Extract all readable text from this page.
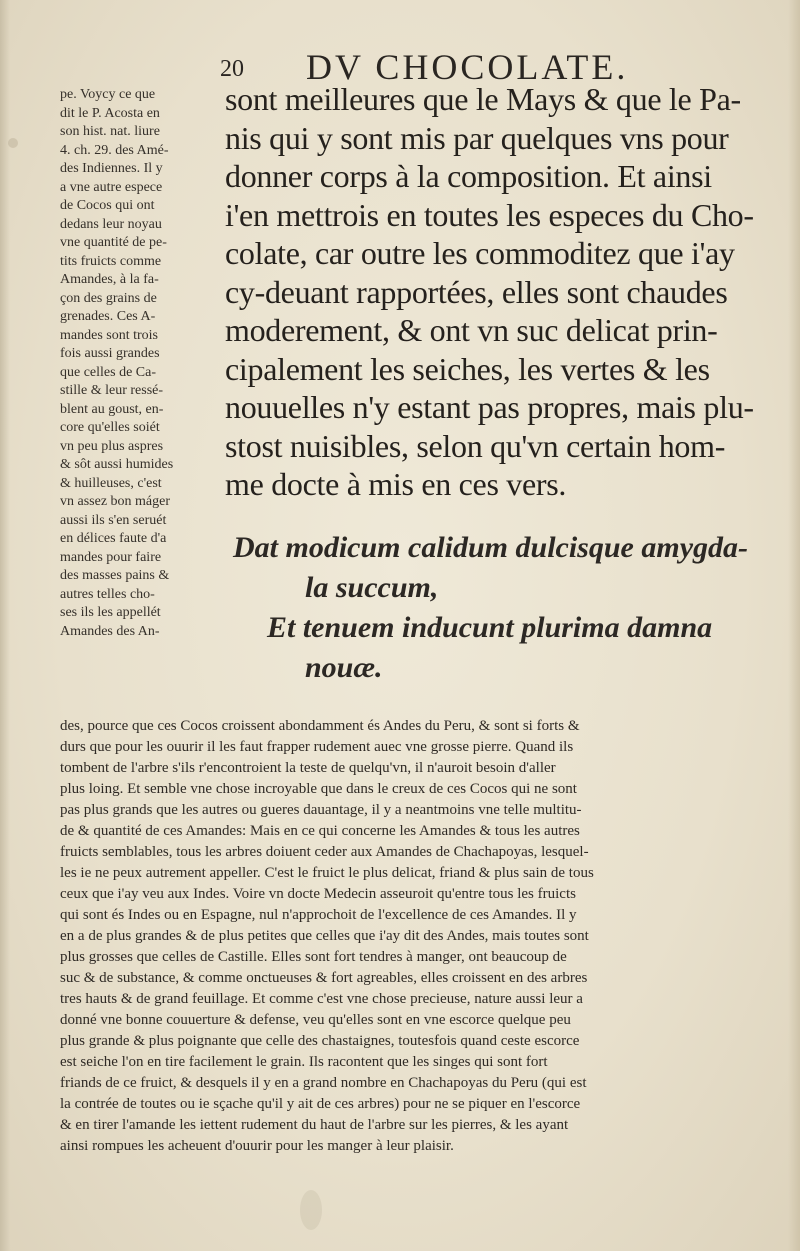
20 DV CHOCOLATE.
pe. Voycy ce que
dit le P. Acosta en
son hist. nat. liure
4. ch. 29. des Amé-
des Indiennes. Il y
a vne autre espece
de Cocos qui ont
dedans leur noyau
vne quantité de pe-
tits fruicts comme
Amandes, à la fa-
çon des grains de
grenades. Ces A-
mandes sont trois
fois aussi grandes
que celles de Ca-
stille & leur ressé-
blent au goust, en-
core qu'elles soiét
vn peu plus aspres
& sôt aussi humides
& huilleuses, c'est
vn assez bon máger
aussi ils s'en seruét
en délices faute d'a
mandes pour faire
des masses pains &
autres telles cho-
ses ils les appellét
Amandes des An-
sont meilleures que le Mays & que le Pa-
nis qui y sont mis par quelques vns pour
donner corps à la composition. Et ainsi
i'en mettrois en toutes les especes du Cho-
colate, car outre les commoditez que i'ay
cy-deuant rapportées, elles sont chaudes
moderement, & ont vn suc delicat prin-
cipalement les seiches, les vertes & les
nouuelles n'y estant pas propres, mais plu-
stost nuisibles, selon qu'vn certain hom-
me docte à mis en ces vers.
Dat modicum calidum dulcisque amygda-
la succum,
Et tenuem inducunt plurima damna
nouæ.
des, pource que ces Cocos croissent abondamment és Andes du Peru, & sont si forts &
durs que pour les ouurir il les faut frapper rudement auec vne grosse pierre. Quand ils
tombent de l'arbre s'ils r'encontroient la teste de quelqu'vn, il n'auroit besoin d'aller
plus loing. Et semble vne chose incroyable que dans le creux de ces Cocos qui ne sont
pas plus grands que les autres ou gueres dauantage, il y a neantmoins vne telle multitu-
de & quantité de ces Amandes: Mais en ce qui concerne les Amandes & tous les autres
fruicts semblables, tous les arbres doiuent ceder aux Amandes de Chachapoyas, lesquel-
les ie ne peux autrement appeller. C'est le fruict le plus delicat, friand & plus sain de tous
ceux que i'ay veu aux Indes. Voire vn docte Medecin asseuroit qu'entre tous les fruicts
qui sont és Indes ou en Espagne, nul n'approchoit de l'excellence de ces Amandes. Il y
en a de plus grandes & de plus petites que celles que i'ay dit des Andes, mais toutes sont
plus grosses que celles de Castille. Elles sont fort tendres à manger, ont beaucoup de
suc & de substance, & comme onctueuses & fort agreables, elles croissent en des arbres
tres hauts & de grand feuillage. Et comme c'est vne chose precieuse, nature aussi leur a
donné vne bonne couuerture & defense, veu qu'elles sont en vne escorce quelque peu
plus grande & plus poignante que celle des chastaignes, toutesfois quand ceste escorce
est seiche l'on en tire facilement le grain. Ils racontent que les singes qui sont fort
friands de ce fruict, & desquels il y en a grand nombre en Chachapoyas du Peru (qui est
la contrée de toutes ou ie sçache qu'il y ait de ces arbres) pour ne se piquer en l'escorce
& en tirer l'amande les iettent rudement du haut de l'arbre sur les pierres, & les ayant
ainsi rompues les acheuent d'ouurir pour les manger à leur plaisir.
